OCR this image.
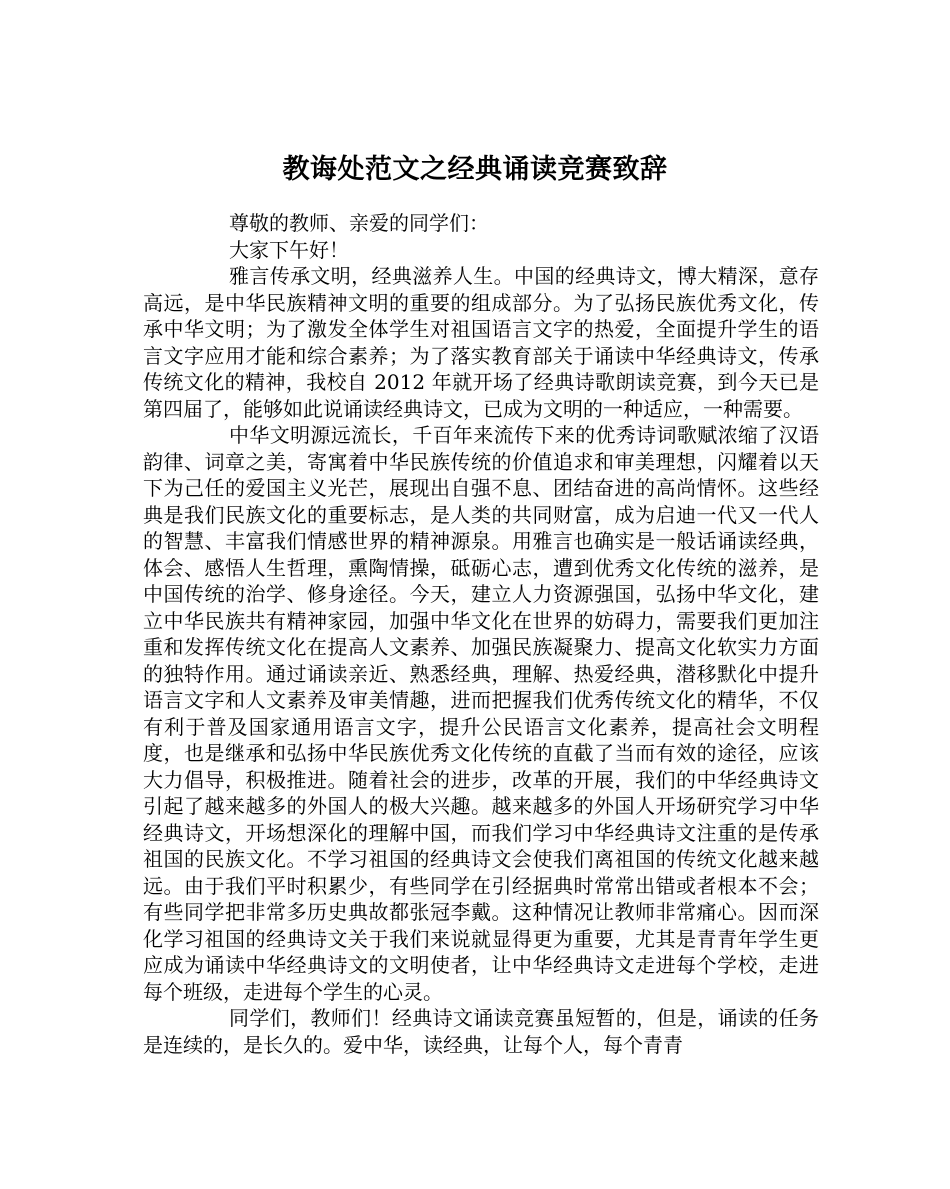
教诲处范文之经典诵读竞赛致辞

尊敬的教师、亲爱的同学们：

大家下午好！

雅言传承文明，经典滋养人生。中国的经典诗文，博大精深，意存高远，是中华民族精神文明的重要的组成部分。为了弘扬民族优秀文化，传承中华文明；为了激发全体学生对祖国语言文字的热爱，全面提升学生的语言文字应用才能和综合素养；为了落实教育部关于诵读中华经典诗文，传承传统文化的精神，我校自 2012 年就开场了经典诗歌朗读竞赛，到今天已是第四届了，能够如此说诵读经典诗文，已成为文明的一种适应，一种需要。

中华文明源远流长，千百年来流传下来的优秀诗词歌赋浓缩了汉语韵律、词章之美，寄寓着中华民族传统的价值追求和审美理想，闪耀着以天下为己任的爱国主义光芒，展现出自强不息、团结奋进的高尚情怀。这些经典是我们民族文化的重要标志，是人类的共同财富，成为启迪一代又一代人的智慧、丰富我们情感世界的精神源泉。用雅言也确实是一般话诵读经典，体会、感悟人生哲理，熏陶情操，砥砺心志，遭到优秀文化传统的滋养，是中国传统的治学、修身途径。今天，建立人力资源强国，弘扬中华文化，建立中华民族共有精神家园，加强中华文化在世界的妨碍力，需要我们更加注重和发挥传统文化在提高人文素养、加强民族凝聚力、提高文化软实力方面的独特作用。通过诵读亲近、熟悉经典，理解、热爱经典，潜移默化中提升语言文字和人文素养及审美情趣，进而把握我们优秀传统文化的精华，不仅有利于普及国家通用语言文字，提升公民语言文化素养，提高社会文明程度，也是继承和弘扬中华民族优秀文化传统的直截了当而有效的途径，应该大力倡导，积极推进。随着社会的进步，改革的开展，我们的中华经典诗文引起了越来越多的外国人的极大兴趣。越来越多的外国人开场研究学习中华经典诗文，开场想深化的理解中国，而我们学习中华经典诗文注重的是传承祖国的民族文化。不学习祖国的经典诗文会使我们离祖国的传统文化越来越远。由于我们平时积累少，有些同学在引经据典时常常出错或者根本不会；有些同学把非常多历史典故都张冠李戴。这种情况让教师非常痛心。因而深化学习祖国的经典诗文关于我们来说就显得更为重要，尤其是青青年学生更应成为诵读中华经典诗文的文明使者，让中华经典诗文走进每个学校，走进每个班级，走进每个学生的心灵。

同学们，教师们！经典诗文诵读竞赛虽短暂的，但是，诵读的任务是连续的，是长久的。爱中华，读经典，让每个人，每个青青
